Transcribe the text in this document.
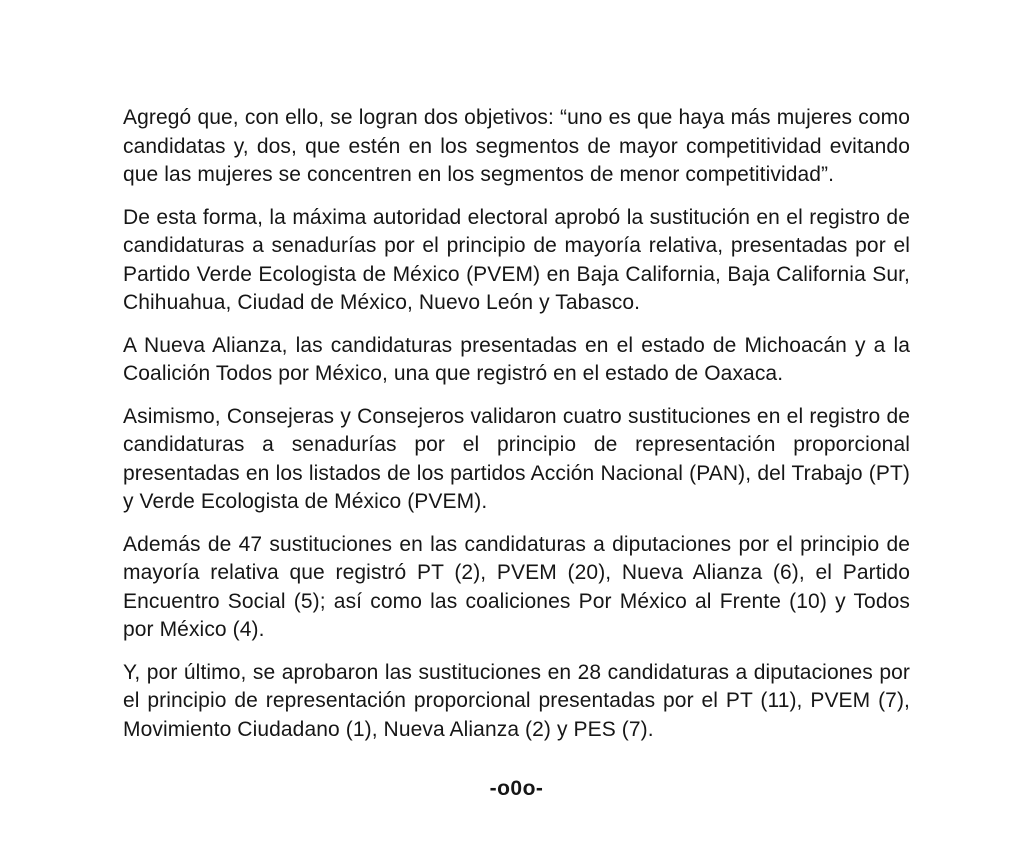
Agregó que, con ello, se logran dos objetivos: “uno es que haya más mujeres como candidatas y, dos, que estén en los segmentos de mayor competitividad evitando que las mujeres se concentren en los segmentos de menor competitividad”.

De esta forma, la máxima autoridad electoral aprobó la sustitución en el registro de candidaturas a senadurías por el principio de mayoría relativa, presentadas por el Partido Verde Ecologista de México (PVEM) en Baja California, Baja California Sur, Chihuahua, Ciudad de México, Nuevo León y Tabasco.

A Nueva Alianza, las candidaturas presentadas en el estado de Michoacán y a la Coalición Todos por México, una que registró en el estado de Oaxaca.

Asimismo, Consejeras y Consejeros validaron cuatro sustituciones en el registro de candidaturas a senadurías por el principio de representación proporcional presentadas en los listados de los partidos Acción Nacional (PAN), del Trabajo (PT) y Verde Ecologista de México (PVEM).

Además de 47 sustituciones en las candidaturas a diputaciones por el principio de mayoría relativa que registró PT (2), PVEM (20), Nueva Alianza (6), el Partido Encuentro Social (5); así como las coaliciones Por México al Frente (10) y Todos por México (4).

Y, por último, se aprobaron las sustituciones en 28 candidaturas a diputaciones por el principio de representación proporcional presentadas por el PT (11), PVEM (7), Movimiento Ciudadano (1), Nueva Alianza (2) y PES (7).

-o0o-
